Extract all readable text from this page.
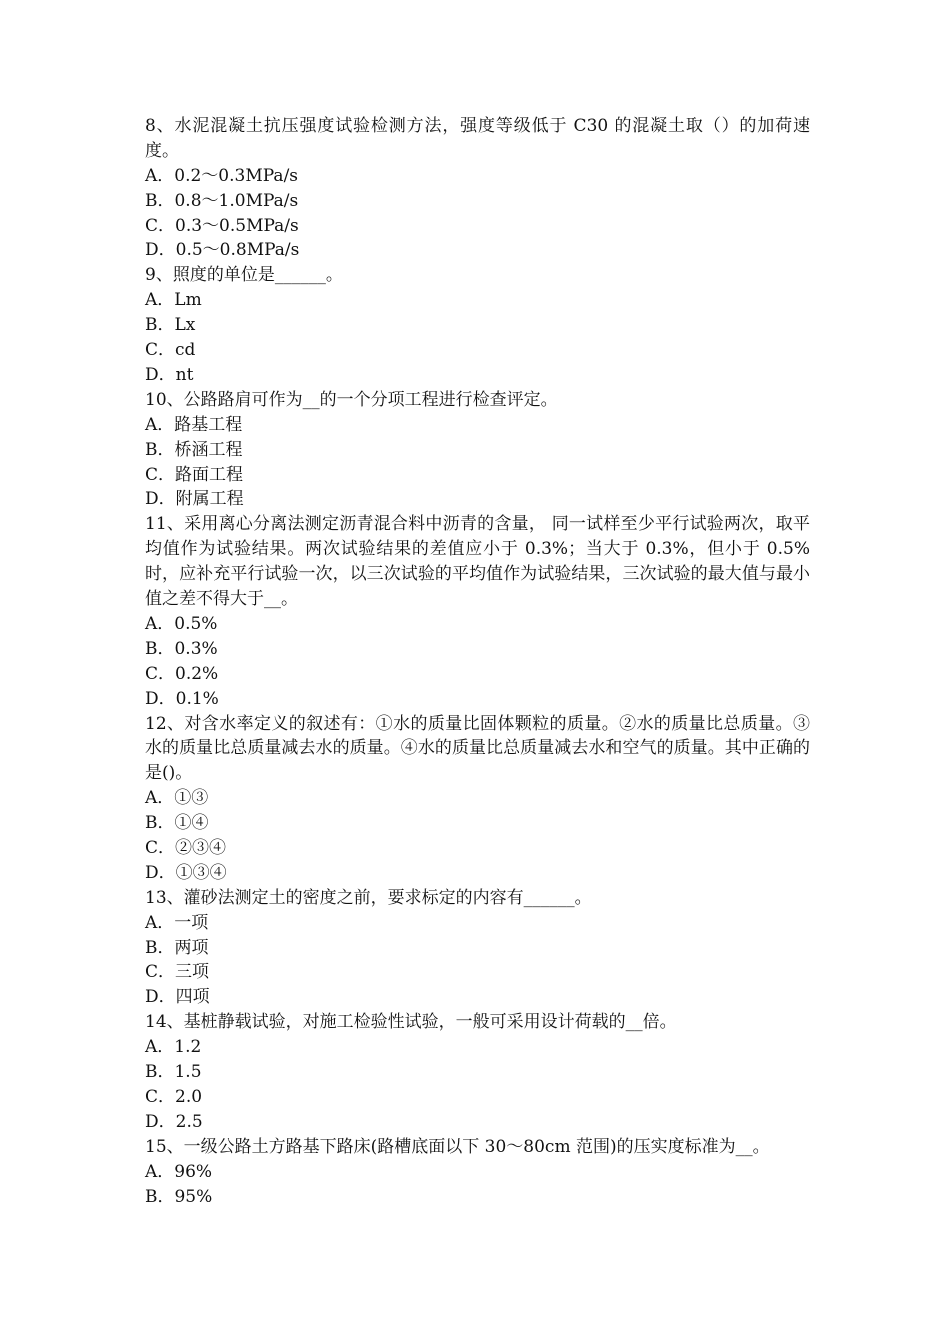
8、水泥混凝土抗压强度试验检测方法，强度等级低于 C30 的混凝土取（）的加荷速度。
A．0.2～0.3MPa/s
B．0.8～1.0MPa/s
C．0.3～0.5MPa/s
D．0.5～0.8MPa/s
9、照度的单位是______。
A．Lm
B．Lx
C．cd
D．nt
10、公路路肩可作为__的一个分项工程进行检查评定。
A．路基工程
B．桥涵工程
C．路面工程
D．附属工程
11、采用离心分离法测定沥青混合料中沥青的含量， 同一试样至少平行试验两次，取平均值作为试验结果。两次试验结果的差值应小于 0.3%；当大于 0.3%，但小于 0.5%时，应补充平行试验一次，以三次试验的平均值作为试验结果，三次试验的最大值与最小值之差不得大于__。
A．0.5%
B．0.3%
C．0.2%
D．0.1%
12、对含水率定义的叙述有：①水的质量比固体颗粒的质量。②水的质量比总质量。③水的质量比总质量减去水的质量。④水的质量比总质量减去水和空气的质量。其中正确的是()。
A．①③
B．①④
C．②③④
D．①③④
13、灌砂法测定土的密度之前，要求标定的内容有______。
A．一项
B．两项
C．三项
D．四项
14、基桩静载试验，对施工检验性试验，一般可采用设计荷载的__倍。
A．1.2
B．1.5
C．2.0
D．2.5
15、一级公路土方路基下路床(路槽底面以下 30～80cm 范围)的压实度标准为__。
A．96%
B．95%
